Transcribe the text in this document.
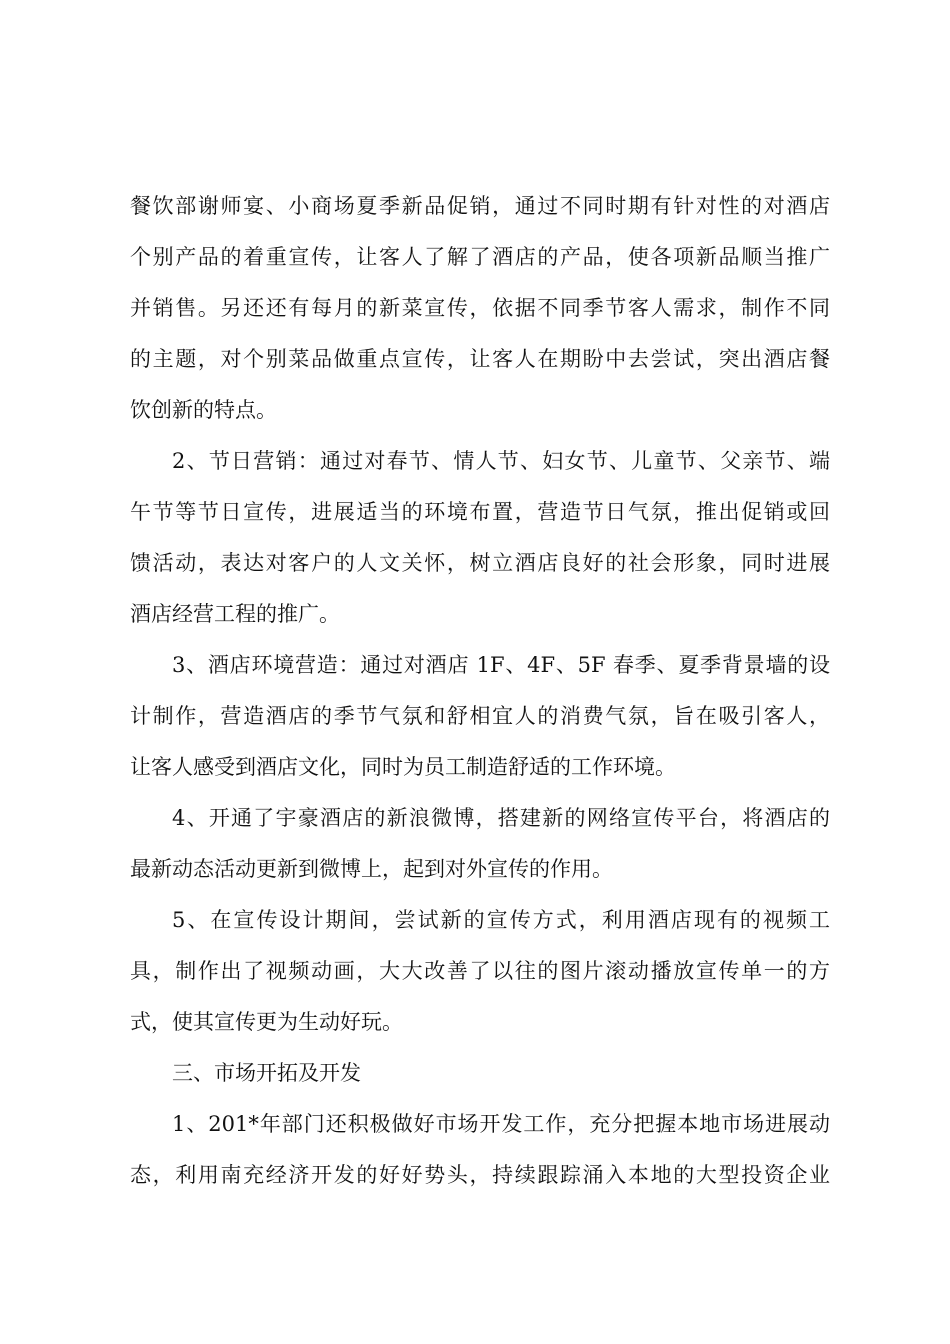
餐饮部谢师宴、小商场夏季新品促销，通过不同时期有针对性的对酒店
个别产品的着重宣传，让客人了解了酒店的产品，使各项新品顺当推广
并销售。另还还有每月的新菜宣传，依据不同季节客人需求，制作不同
的主题，对个别菜品做重点宣传，让客人在期盼中去尝试，突出酒店餐
饮创新的特点。
2、节日营销：通过对春节、情人节、妇女节、儿童节、父亲节、端
午节等节日宣传，进展适当的环境布置，营造节日气氛，推出促销或回
馈活动，表达对客户的人文关怀，树立酒店良好的社会形象，同时进展
酒店经营工程的推广。
3、酒店环境营造：通过对酒店 1F、4F、5F 春季、夏季背景墙的设
计制作，营造酒店的季节气氛和舒相宜人的消费气氛，旨在吸引客人，
让客人感受到酒店文化，同时为员工制造舒适的工作环境。
4、开通了宇豪酒店的新浪微博，搭建新的网络宣传平台，将酒店的
最新动态活动更新到微博上，起到对外宣传的作用。
5、在宣传设计期间，尝试新的宣传方式，利用酒店现有的视频工
具，制作出了视频动画，大大改善了以往的图片滚动播放宣传单一的方
式，使其宣传更为生动好玩。
三、市场开拓及开发
1、201*年部门还积极做好市场开发工作，充分把握本地市场进展动
态，利用南充经济开发的好好势头，持续跟踪涌入本地的大型投资企业
